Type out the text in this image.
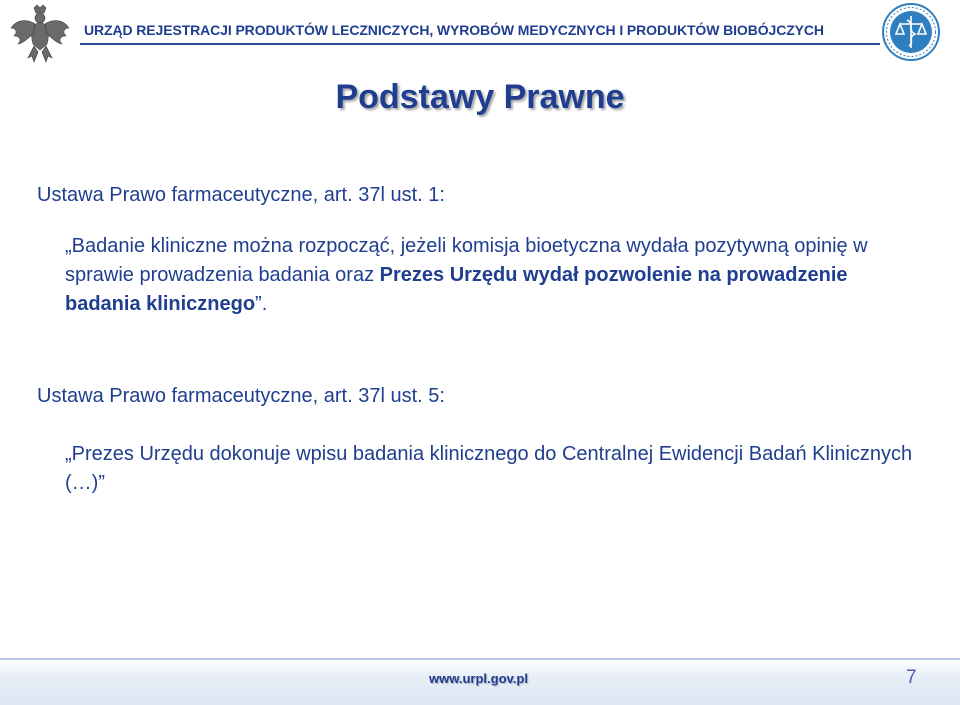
URZĄD REJESTRACJI PRODUKTÓW LECZNICZYCH, WYROBÓW MEDYCZNYCH I PRODUKTÓW BIOBÓJCZYCH
Podstawy Prawne
Ustawa Prawo farmaceutyczne, art. 37l ust. 1:
„Badanie kliniczne można rozpocząć, jeżeli komisja bioetyczna wydała pozytywną opinię w sprawie prowadzenia badania oraz Prezes Urzędu wydał pozwolenie na prowadzenie badania klinicznego”.
Ustawa Prawo farmaceutyczne, art. 37l ust. 5:
„Prezes Urzędu dokonuje wpisu badania klinicznego do Centralnej Ewidencji Badań Klinicznych (…)”
www.urpl.gov.pl	7
